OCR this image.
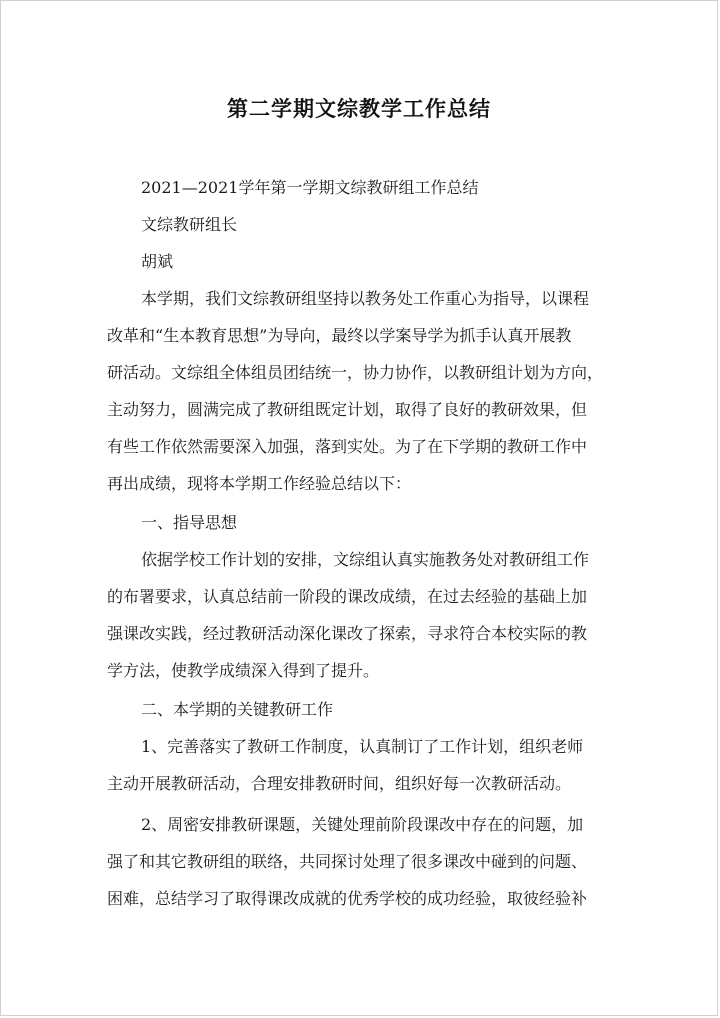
第二学期文综教学工作总结
2021—2021学年第一学期文综教研组工作总结
文综教研组长
胡斌
本学期，我们文综教研组坚持以教务处工作重心为指导，以课程
改革和“生本教育思想”为导向，最终以学案导学为抓手认真开展教
研活动。文综组全体组员团结统一，协力协作，以教研组计划为方向，
主动努力，圆满完成了教研组既定计划，取得了良好的教研效果，但
有些工作依然需要深入加强，落到实处。为了在下学期的教研工作中
再出成绩，现将本学期工作经验总结以下：
一、指导思想
依据学校工作计划的安排，文综组认真实施教务处对教研组工作
的布署要求，认真总结前一阶段的课改成绩，在过去经验的基础上加
强课改实践，经过教研活动深化课改了探索，寻求符合本校实际的教
学方法，使教学成绩深入得到了提升。
二、本学期的关键教研工作
1、完善落实了教研工作制度，认真制订了工作计划，组织老师
主动开展教研活动，合理安排教研时间，组织好每一次教研活动。
2、周密安排教研课题，关键处理前阶段课改中存在的问题，加
强了和其它教研组的联络，共同探讨处理了很多课改中碰到的问题、
困难，总结学习了取得课改成就的优秀学校的成功经验，取彼经验补
